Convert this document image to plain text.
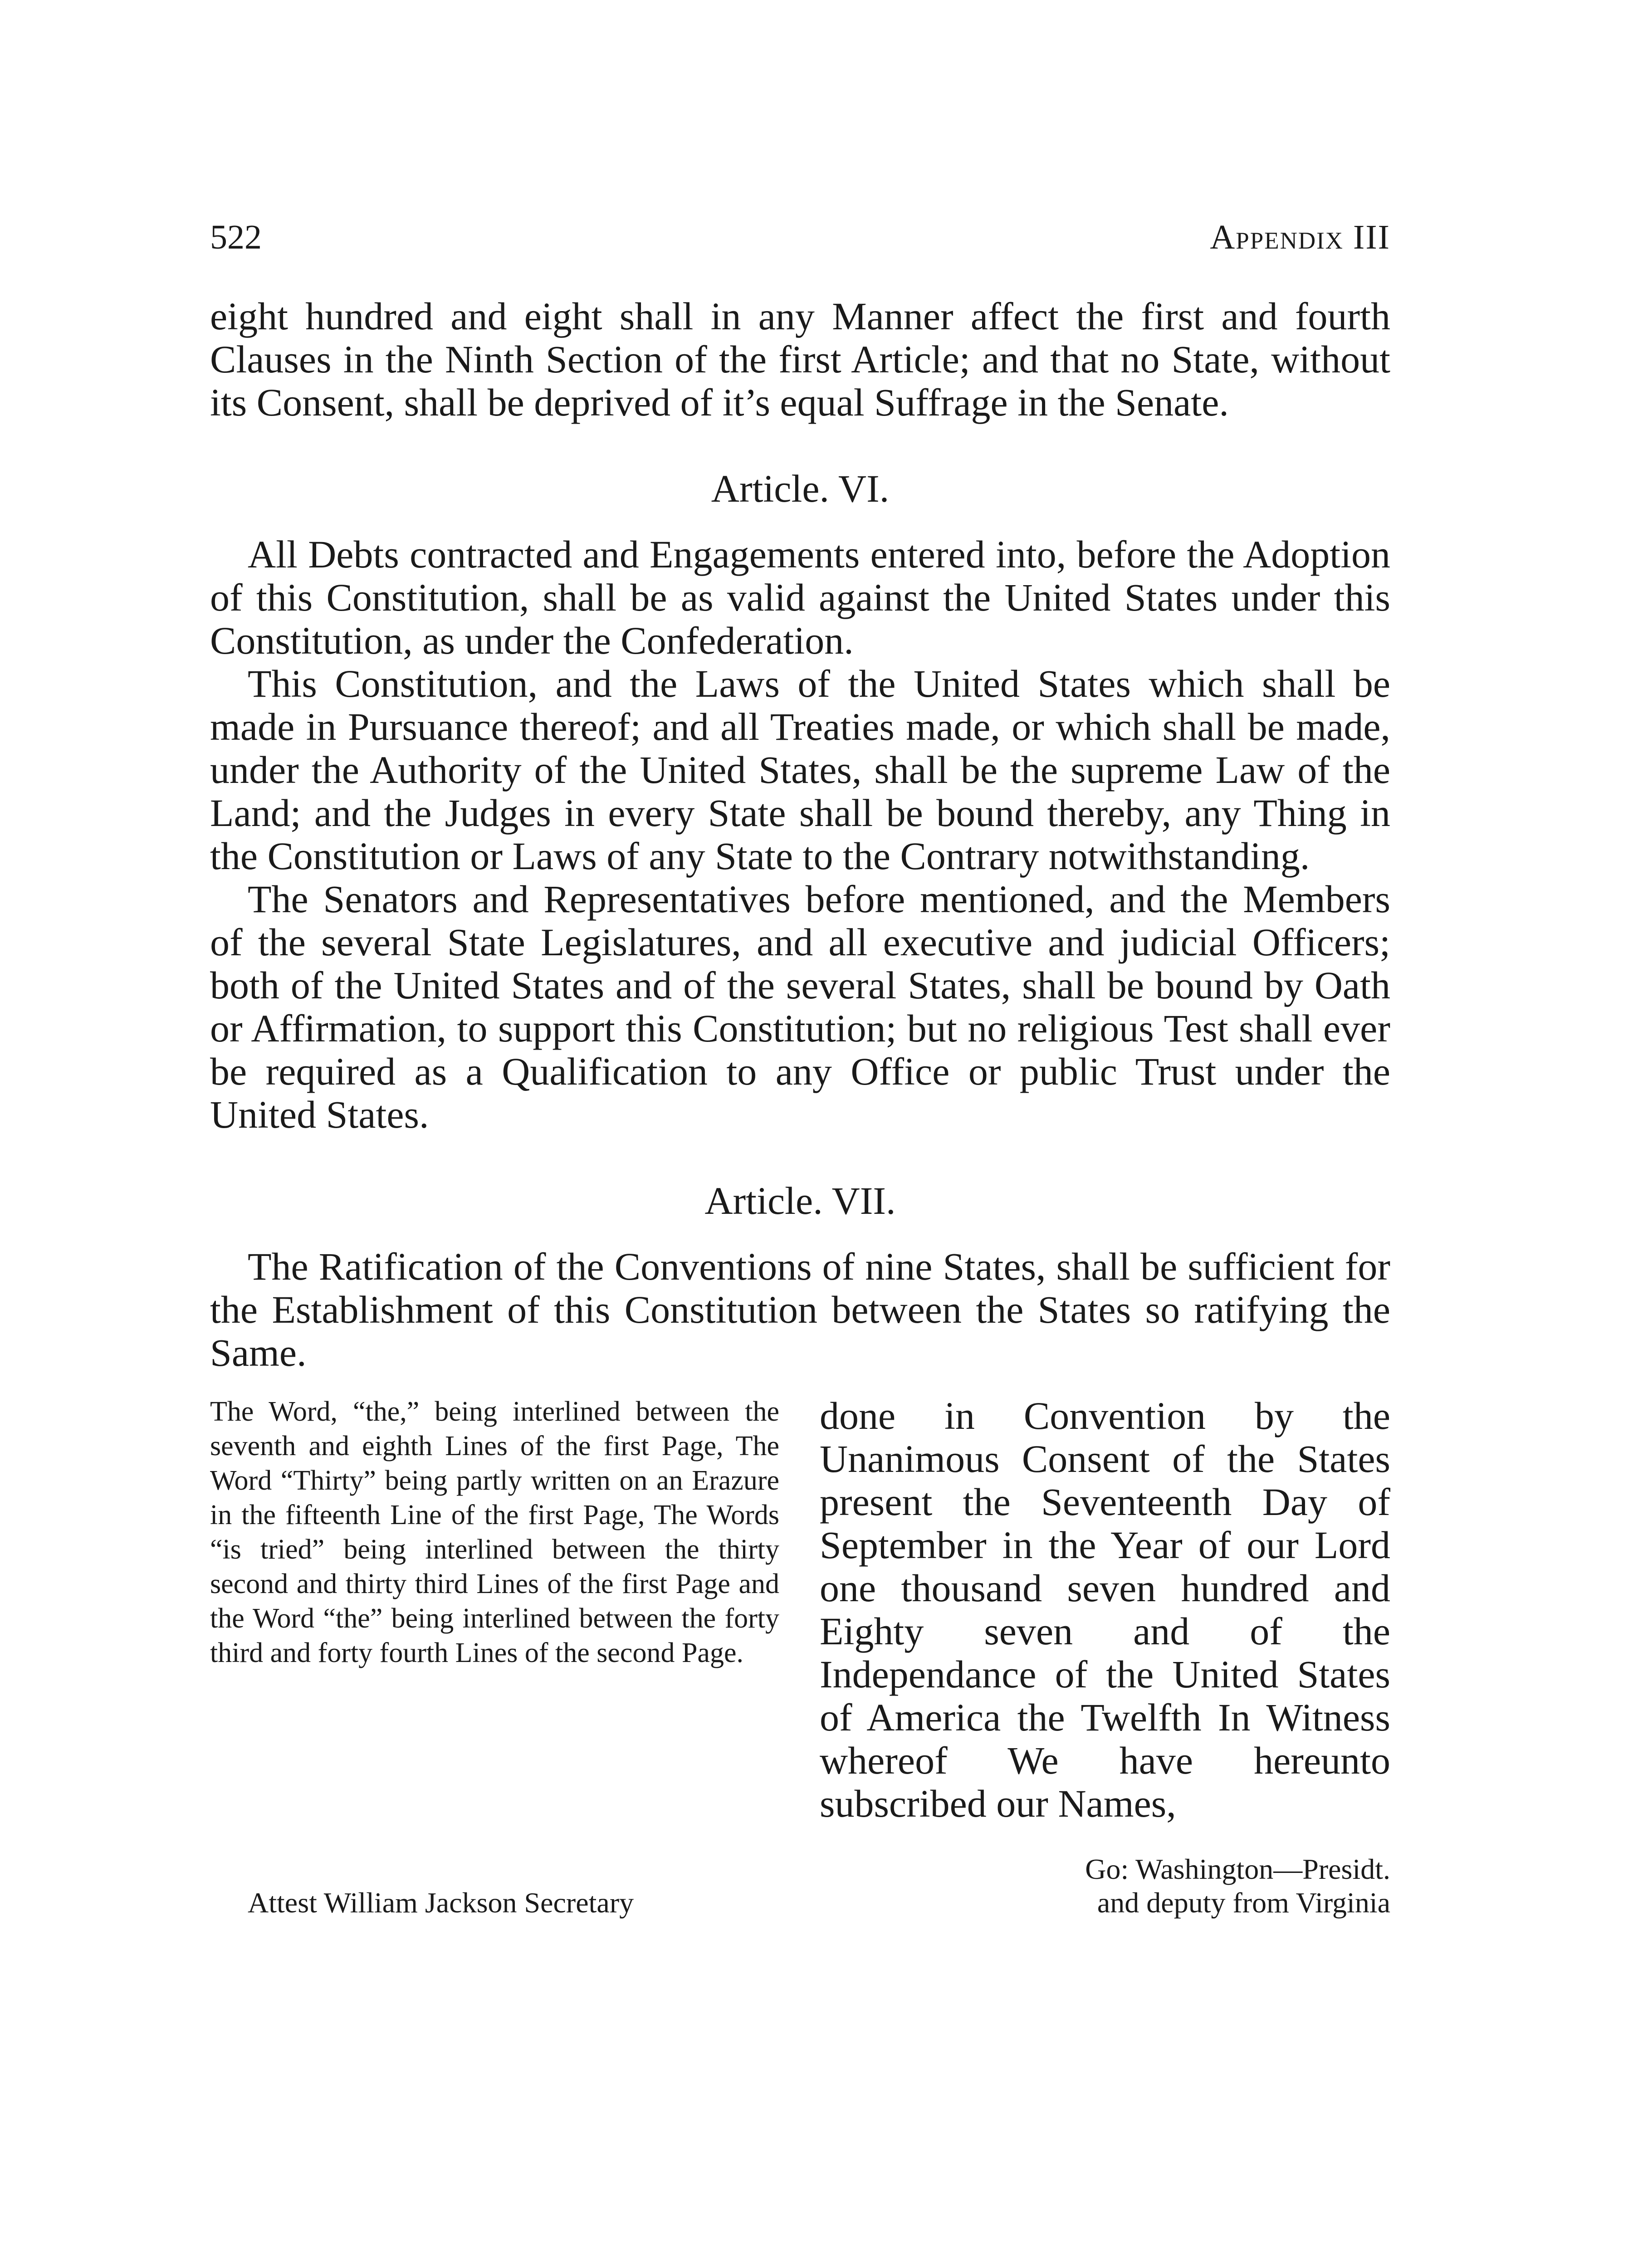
522	Appendix III

eight hundred and eight shall in any Manner affect the first and fourth Clauses in the Ninth Section of the first Article; and that no State, without its Consent, shall be deprived of it’s equal Suffrage in the Senate.

Article. VI.

All Debts contracted and Engagements entered into, before the Adoption of this Constitution, shall be as valid against the United States under this Constitution, as under the Confederation.

This Constitution, and the Laws of the United States which shall be made in Pursuance thereof; and all Treaties made, or which shall be made, under the Authority of the United States, shall be the supreme Law of the Land; and the Judges in every State shall be bound thereby, any Thing in the Constitution or Laws of any State to the Contrary notwithstanding.

The Senators and Representatives before mentioned, and the Members of the several State Legislatures, and all executive and judicial Officers; both of the United States and of the several States, shall be bound by Oath or Affirmation, to support this Constitution; but no religious Test shall ever be required as a Qualification to any Office or public Trust under the United States.

Article. VII.

The Ratification of the Conventions of nine States, shall be sufficient for the Establishment of this Constitution between the States so ratifying the Same.

The Word, “the,” being interlined between the seventh and eighth Lines of the first Page, The Word “Thirty” being partly written on an Erazure in the fifteenth Line of the first Page, The Words “is tried” being interlined between the thirty second and thirty third Lines of the first Page and the Word “the” being interlined between the forty third and forty fourth Lines of the second Page.

done in Convention by the Unanimous Consent of the States present the Seventeenth Day of September in the Year of our Lord one thousand seven hundred and Eighty seven and of the Independance of the United States of America the Twelfth In Witness whereof We have hereunto subscribed our Names,

Attest William Jackson Secretary
Go: Washington—Presidt.
and deputy from Virginia
